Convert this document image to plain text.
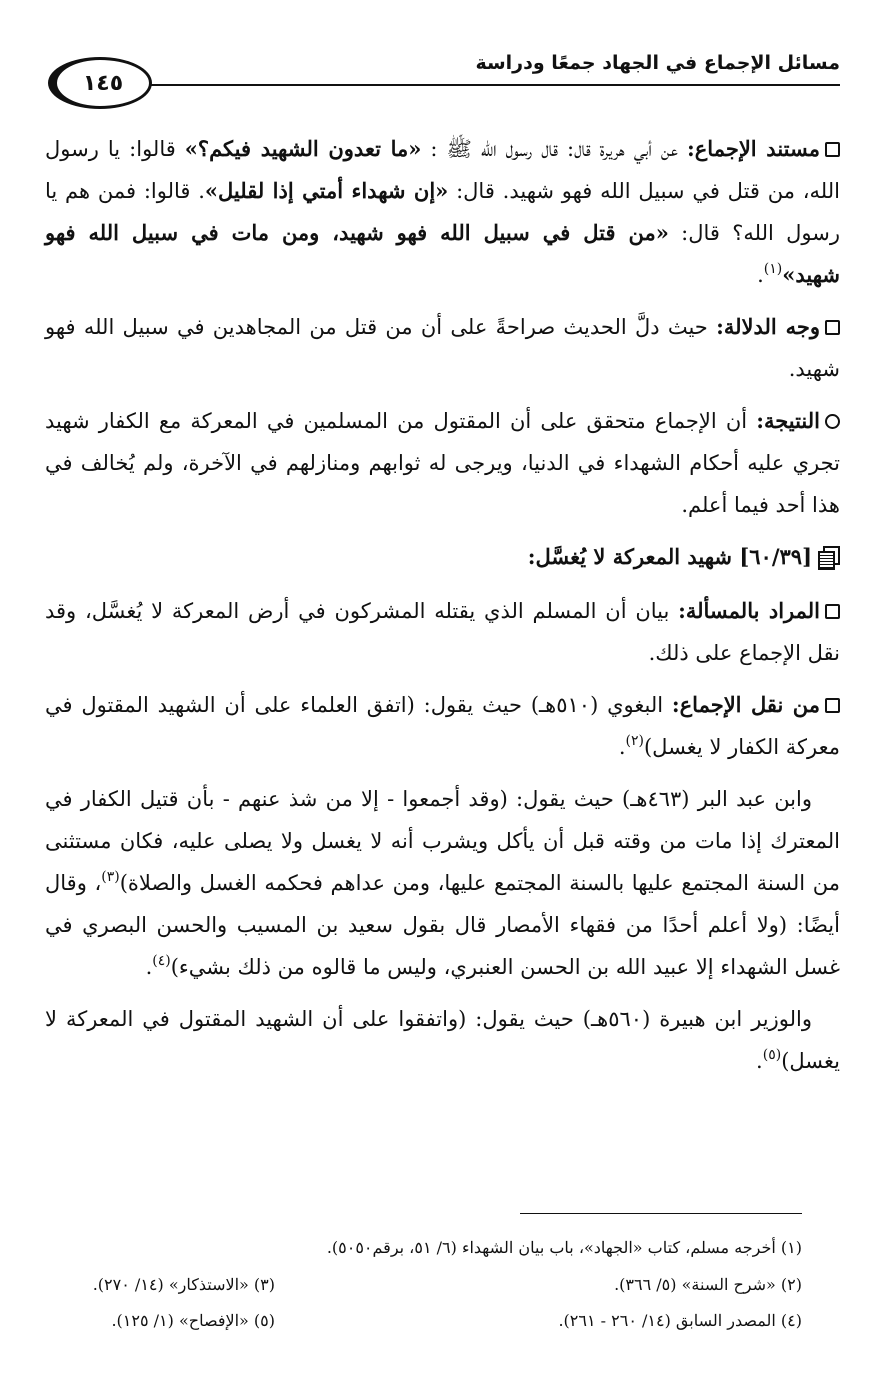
مسائل الإجماع في الجهاد جمعًا ودراسة
١٤٥

مستند الإجماع: عن أبي هريرة قال: قال رسول الله ﷺ : «ما تعدون الشهيد فيكم؟» قالوا: يا رسول الله، من قتل في سبيل الله فهو شهيد. قال: «إن شهداء أمتي إذا لقليل». قالوا: فمن هم يا رسول الله؟ قال: «من قتل في سبيل الله فهو شهيد، ومن مات في سبيل الله فهو شهيد»$^{(١)}$.

وجه الدلالة: حيث دلَّ الحديث صراحةً على أن من قتل من المجاهدين في سبيل الله فهو شهيد.

النتيجة: أن الإجماع متحقق على أن المقتول من المسلمين في المعركة مع الكفار شهيد تجري عليه أحكام الشهداء في الدنيا، ويرجى له ثوابهم ومنازلهم في الآخرة، ولم يُخالف في هذا أحد فيما أعلم.

[٦٠/٣٩] شهيد المعركة لا يُغسَّل:

المراد بالمسألة: بيان أن المسلم الذي يقتله المشركون في أرض المعركة لا يُغسَّل، وقد نقل الإجماع على ذلك.

من نقل الإجماع: البغوي (٥١٠هـ) حيث يقول: (اتفق العلماء على أن الشهيد المقتول في معركة الكفار لا يغسل)$^{(٢)}$.

وابن عبد البر (٤٦٣هـ) حيث يقول: (وقد أجمعوا - إلا من شذ عنهم - بأن قتيل الكفار في المعترك إذا مات من وقته قبل أن يأكل ويشرب أنه لا يغسل ولا يصلى عليه، فكان مستثنى من السنة المجتمع عليها بالسنة المجتمع عليها، ومن عداهم فحكمه الغسل والصلاة)$^{(٣)}$، وقال أيضًا: (ولا أعلم أحدًا من فقهاء الأمصار قال بقول سعيد بن المسيب والحسن البصري في غسل الشهداء إلا عبيد الله بن الحسن العنبري، وليس ما قالوه من ذلك بشيء)$^{(٤)}$.

والوزير ابن هبيرة (٥٦٠هـ) حيث يقول: (واتفقوا على أن الشهيد المقتول في المعركة لا يغسل)$^{(٥)}$.

(١) أخرجه مسلم، كتاب «الجهاد»، باب بيان الشهداء (٦/ ٥١، برقم٥٠٥٠).
(٢) «شرح السنة» (٥/ ٣٦٦).
(٣) «الاستذكار» (١٤/ ٢٧٠).
(٤) المصدر السابق (١٤/ ٢٦٠ - ٢٦١).
(٥) «الإفصاح» (١/ ١٢٥).
